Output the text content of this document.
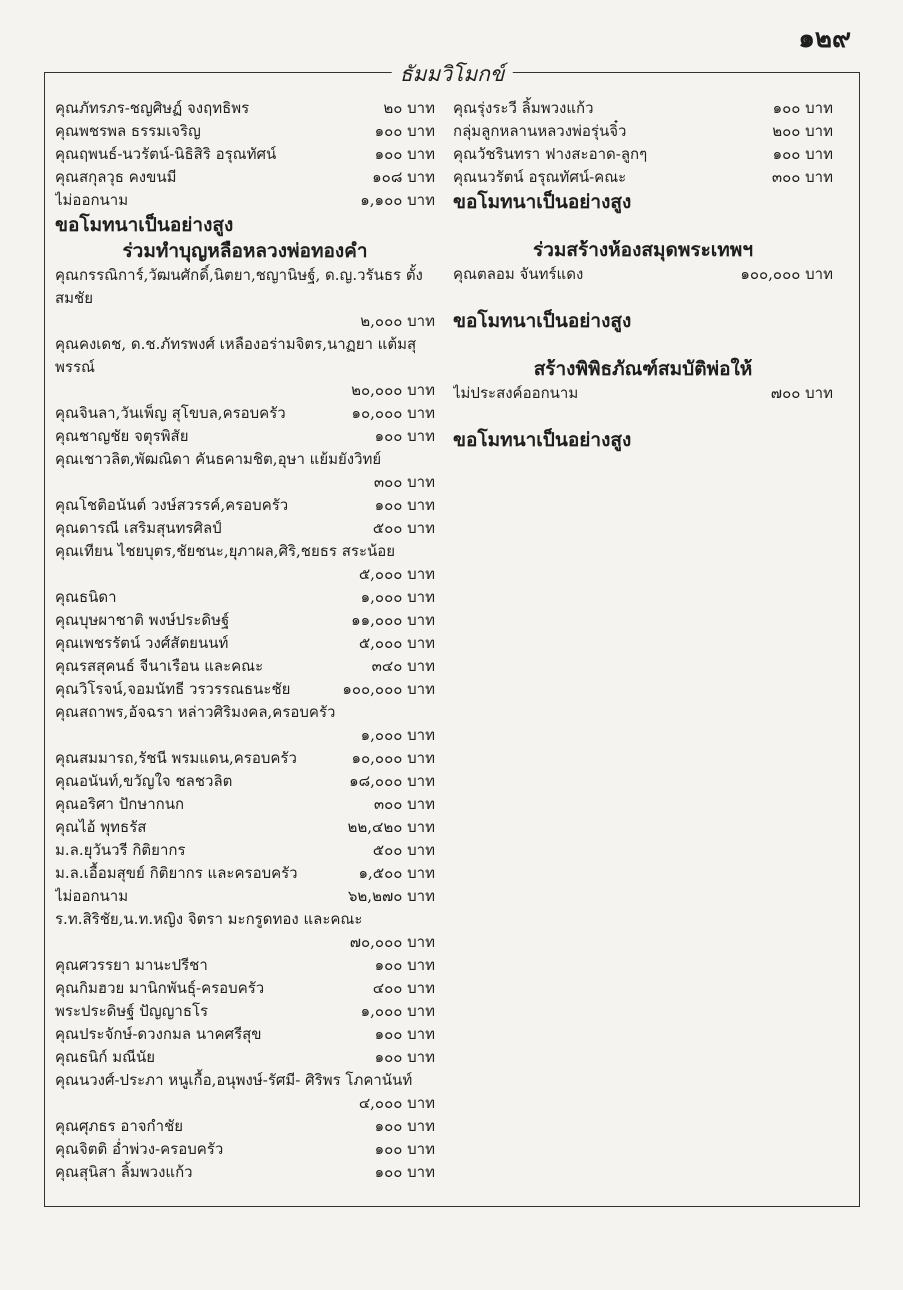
๑๒๙
ธัมมวิโมกข์
คุณภัทรภร-ชญศิษฏ์ จงฤทธิพร	๒๐ บาท
คุณพชรพล ธรรมเจริญ	๑๐๐ บาท
คุณฤพนธ์-นวรัตน์-นิธิสิริ อรุณทัศน์	๑๐๐ บาท
คุณสกุลวุธ คงขนมี	๑๐๘ บาท
ไม่ออกนาม	๑,๑๐๐ บาท
ขอโมทนาเป็นอย่างสูง
ร่วมทำบุญหลือหลวงพ่อทองคำ
คุณกรรณิการ์,วัฒนศักดิ์,นิตยา,ชญานิษฐ์, ด.ญ.วรันธร ตั้งสมชัย
๒,๐๐๐ บาท
คุณคงเดช, ด.ช.ภัทรพงศ์ เหลืองอร่ามจิตร,นาฏยา แต้มสุพรรณ์
๒๐,๐๐๐ บาท
คุณจินลา,วันเพ็ญ สุโขบล,ครอบครัว	๑๐,๐๐๐ บาท
คุณชาญชัย จตุรพิสัย	๑๐๐ บาท
คุณเชาวลิต,พัฒณิดา คันธคามชิต,อุษา แย้มยังวิทย์
๓๐๐ บาท
คุณโชติอนันต์ วงษ์สวรรค์,ครอบครัว	๑๐๐ บาท
คุณดารณี เสริมสุนทรศิลป์	๕๐๐ บาท
คุณเทียน ไชยบุตร,ชัยชนะ,ยุภาผล,ศิริ,ชยธร สระน้อย
๕,๐๐๐ บาท
คุณธนิดา	๑,๐๐๐ บาท
คุณบุษผาชาติ พงษ์ประดิษฐ์	๑๑,๐๐๐ บาท
คุณเพชรรัตน์ วงศ์สัตยนนท์	๕,๐๐๐ บาท
คุณรสสุคนธ์ จีนาเรือน และคณะ	๓๔๐ บาท
คุณวิโรจน์,จอมนัทธี วรวรรณธนะชัย	๑๐๐,๐๐๐ บาท
คุณสถาพร,อัจฉรา หล่าวศิริมงคล,ครอบครัว
๑,๐๐๐ บาท
คุณสมมารถ,รัชนี พรมแดน,ครอบครัว	๑๐,๐๐๐ บาท
คุณอนันท์,ขวัญใจ ชลชวลิต	๑๘,๐๐๐ บาท
คุณอริศา ปักษากนก	๓๐๐ บาท
คุณไอ้ พุทธรัส	๒๒,๔๒๐ บาท
ม.ล.ยุวันวรี กิติยากร	๕๐๐ บาท
ม.ล.เอื้อมสุขย์ กิติยากร และครอบครัว	๑,๕๐๐ บาท
ไม่ออกนาม	๖๒,๒๗๐ บาท
ร.ท.สิริชัย,น.ท.หญิง จิตรา มะกรูดทอง และคณะ
๗๐,๐๐๐ บาท
คุณศวรรยา มานะปรีชา	๑๐๐ บาท
คุณกิมฮวย มานิกพันธุ์-ครอบครัว	๔๐๐ บาท
พระประดิษฐ์ ปัญญาธโร	๑,๐๐๐ บาท
คุณประจักษ์-ดวงกมล นาคศรีสุข	๑๐๐ บาท
คุณธนิก์ มณีนัย	๑๐๐ บาท
คุณนวงศ์-ประภา หนูเกื้อ,อนุพงษ์-รัศมี- ศิริพร โภคานันท์
๔,๐๐๐ บาท
คุณศุภธร อาจกำชัย	๑๐๐ บาท
คุณจิตติ อ่ำพ่วง-ครอบครัว	๑๐๐ บาท
คุณสุนิสา ลิ้มพวงแก้ว	๑๐๐ บาท
คุณรุ่งระวี ลิ้มพวงแก้ว	๑๐๐ บาท
กลุ่มลูกหลานหลวงพ่อรุ่นจิ๋ว	๒๐๐ บาท
คุณวัชรินทรา ฟางสะอาด-ลูกๆ	๑๐๐ บาท
คุณนวรัตน์ อรุณทัศน์-คณะ	๓๐๐ บาท
ขอโมทนาเป็นอย่างสูง
ร่วมสร้างห้องสมุดพระเทพฯ
คุณตลอม จันทร์แดง	๑๐๐,๐๐๐ บาท
ขอโมทนาเป็นอย่างสูง
สร้างพิพิธภัณฑ์สมบัติพ่อให้
ไม่ประสงค์ออกนาม	๗๐๐ บาท
ขอโมทนาเป็นอย่างสูง
